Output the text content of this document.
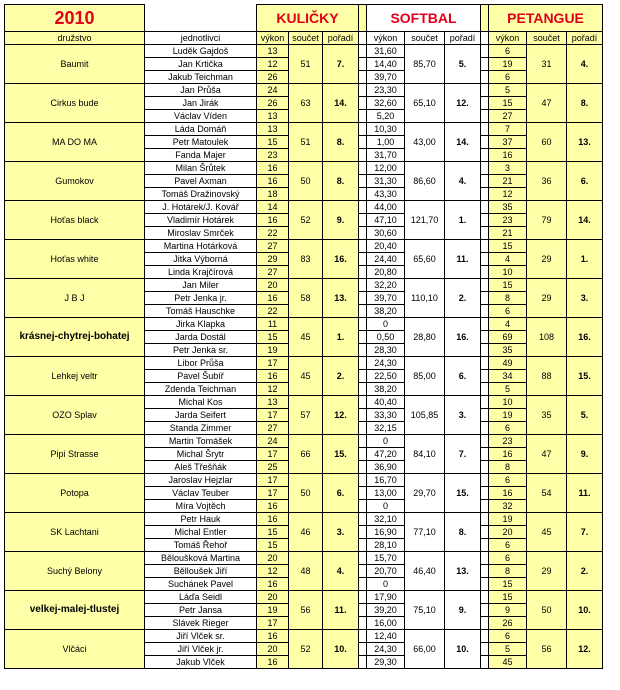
2010		KULIČKY				SOFTBAL				PETANGUE		
družstvo	jednotlivci	výkon	součet	pořadí		výkon	součet	pořadí		výkon	součet	pořadí
Baumit	Luděk Gajdoš	13	51	7.		31,60	85,70	5.		6	31	4.
	Jan Krtička	12				14,40				19		
	Jakub Teichman	26				39,70				6		
Cirkus bude	Jan Průša	24	63	14.		23,30	65,10	12.		5	47	8.
	Jan Jirák	26				32,60				15		
	Václav Víden	13				5,20				27		
MA DO MA	Láda Domáň	13	51	8.		10,30	43,00	14.		7	60	13.
	Petr Matoulek	15				1,00				37		
	Fanda Majer	23				31,70				16		
Gumokov	Milan Šrůtek	16	50	8.		12,00	86,60	4.		3	36	6.
	Pavel Axman	16				31,30				21		
	Tomáš Dražinovský	18				43,30				12		
Hoťas black	J. Hotárek/J. Kovář	14	52	9.		44,00	121,70	1.		35	79	14.
	Vladimír Hotárek	16				47,10				23		
	Miroslav Smrček	22				30,60				21		
Hoťas white	Martina Hotárková	27	83	16.		20,40	65,60	11.		15	29	1.
	Jitka Výborná	29				24,40				4		
	Linda Krajčírová	27				20,80				10		
J B J	Jan Miler	20	58	13.		32,20	110,10	2.		15	29	3.
	Petr Jenka jr.	16				39,70				8		
	Tomáš Hauschke	22				38,20				6		
krásnej-chytrej-bohatej	Jirka Klapka	11	45	1.		0	28,80	16.		4	108	16.
	Jarda Dostál	15				0,50				69		
	Petr Jenka sr.	19				28,30				35		
Lehkej veltr	Libor Průša	17	45	2.		24,30	85,00	6.		49	88	15.
	Pavel Šubíř	16				22,50				34		
	Zdenda Teichman	12				38,20				5		
OZO Splav	Michal Kos	13	57	12.		40,40	105,85	3.		10	35	5.
	Jarda Seifert	17				33,30				19		
	Standa Zimmer	27				32,15				6		
Pipi Strasse	Martin Tomášek	24	66	15.		0	84,10	7.		23	47	9.
	Michal Šrytr	17				47,20				16		
	Aleš Třešňák	25				36,90				8		
Potopa	Jaroslav Hejzlar	17	50	6.		16,70	29,70	15.		6	54	11.
	Václav Teuber	17				13,00				16		
	Míra Vojtěch	16				0				32		
SK Lachtani	Petr Hauk	16	46	3.		32,10	77,10	8.		19	45	7.
	Michal Entler	15				16,90				20		
	Tomáš Řehoř	15				28,10				6		
Suchý Belony	Běloušková Martina	20	48	4.		15,70	46,40	13.		6	29	2.
	Bělloušek Jiří	12				20,70				8		
	Suchánek Pavel	16				0				15		
velkej-malej-tlustej	Láďa Seidl	20	56	11.		17,90	75,10	9.		15	50	10.
	Petr Jansa	19				39,20				9		
	Slávek Rieger	17				16,00				26		
Vlčáci	Jiří Vlček sr.	16	52	10.		12,40	66,00	10.		6	56	12.
	Jiří Vlček jr.	20				24,30				5		
	Jakub Vlček	16				29,30				45		
